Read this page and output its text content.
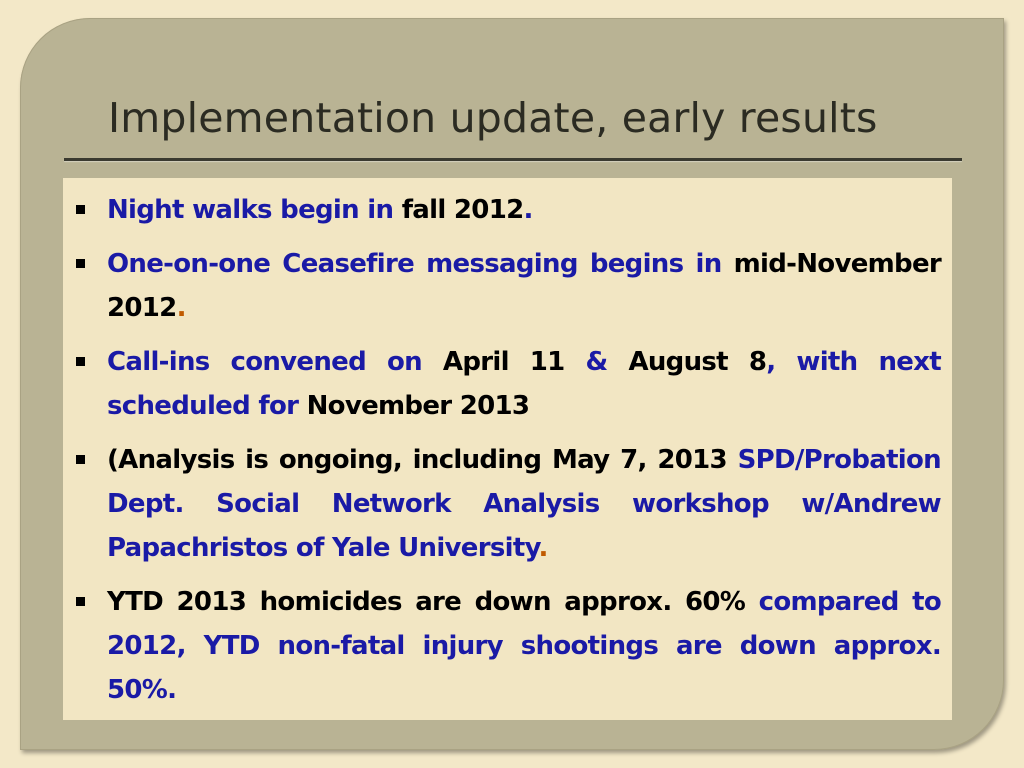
Implementation update, early results
Night walks begin in fall 2012.
One-on-one Ceasefire messaging begins in mid-November 2012.
Call-ins convened on April 11 & August 8, with next scheduled for November 2013
(Analysis is ongoing, including May 7, 2013 SPD/Probation Dept. Social Network Analysis workshop w/Andrew Papachristos of Yale University.
YTD 2013 homicides are down approx. 60% compared to 2012, YTD non-fatal injury shootings are down approx. 50%.
